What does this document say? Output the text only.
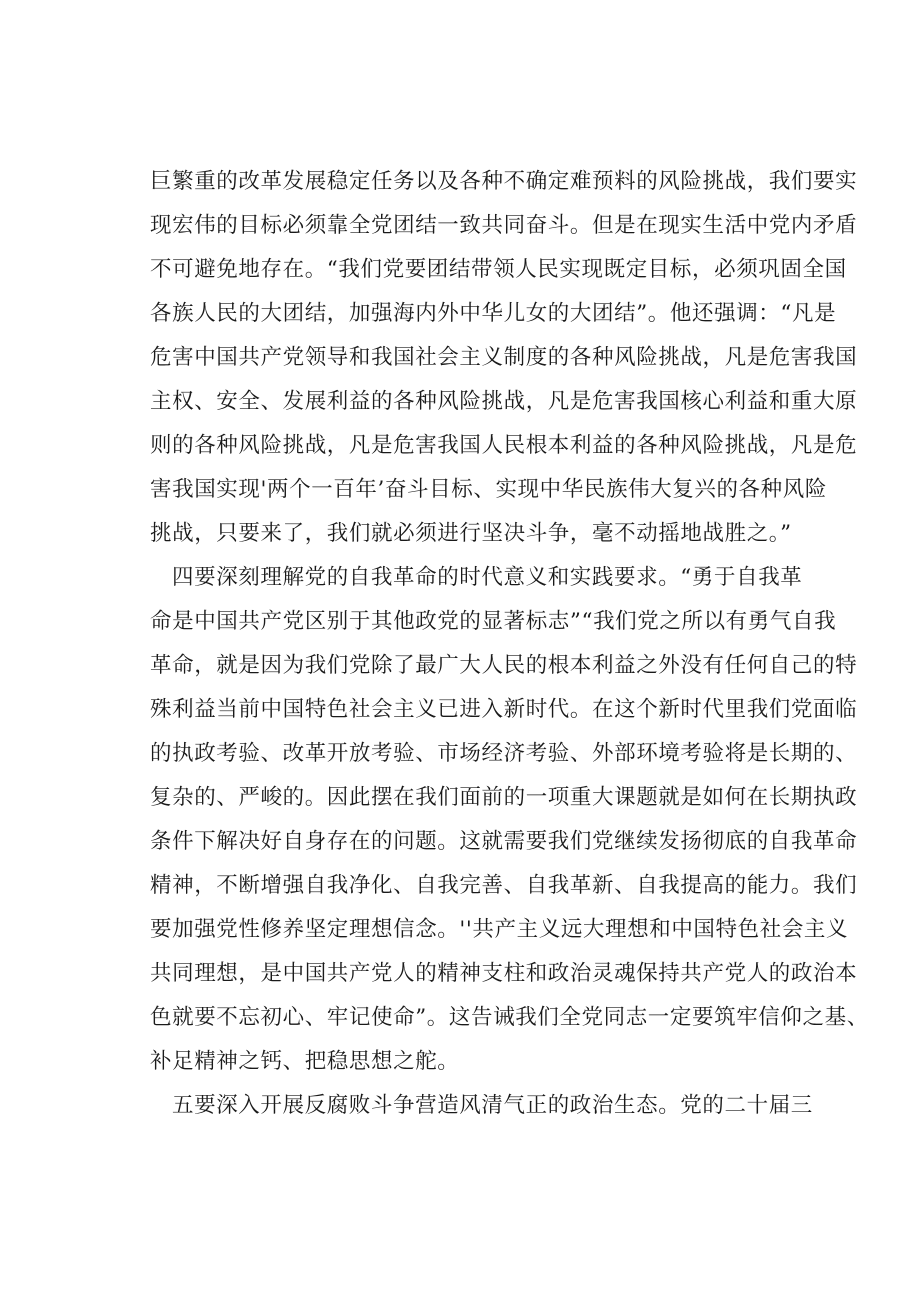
巨繁重的改革发展稳定任务以及各种不确定难预料的风险挑战，我们要实
现宏伟的目标必须靠全党团结一致共同奋斗。但是在现实生活中党内矛盾
不可避免地存在。“我们党要团结带领人民实现既定目标，必须巩固全国
各族人民的大团结，加强海内外中华儿女的大团结”。他还强调：“凡是
危害中国共产党领导和我国社会主义制度的各种风险挑战，凡是危害我国
主权、安全、发展利益的各种风险挑战，凡是危害我国核心利益和重大原
则的各种风险挑战，凡是危害我国人民根本利益的各种风险挑战，凡是危
害我国实现'两个一百年’奋斗目标、实现中华民族伟大复兴的各种风险
挑战，只要来了，我们就必须进行坚决斗争，毫不动摇地战胜之。”
四要深刻理解党的自我革命的时代意义和实践要求。“勇于自我革
命是中国共产党区别于其他政党的显著标志”“我们党之所以有勇气自我
革命，就是因为我们党除了最广大人民的根本利益之外没有任何自己的特
殊利益当前中国特色社会主义已进入新时代。在这个新时代里我们党面临
的执政考验、改革开放考验、市场经济考验、外部环境考验将是长期的、
复杂的、严峻的。因此摆在我们面前的一项重大课题就是如何在长期执政
条件下解决好自身存在的问题。这就需要我们党继续发扬彻底的自我革命
精神，不断增强自我净化、自我完善、自我革新、自我提高的能力。我们
要加强党性修养坚定理想信念。''共产主义远大理想和中国特色社会主义
共同理想，是中国共产党人的精神支柱和政治灵魂保持共产党人的政治本
色就要不忘初心、牢记使命”。这告诫我们全党同志一定要筑牢信仰之基、
补足精神之钙、把稳思想之舵。
五要深入开展反腐败斗争营造风清气正的政治生态。党的二十届三
